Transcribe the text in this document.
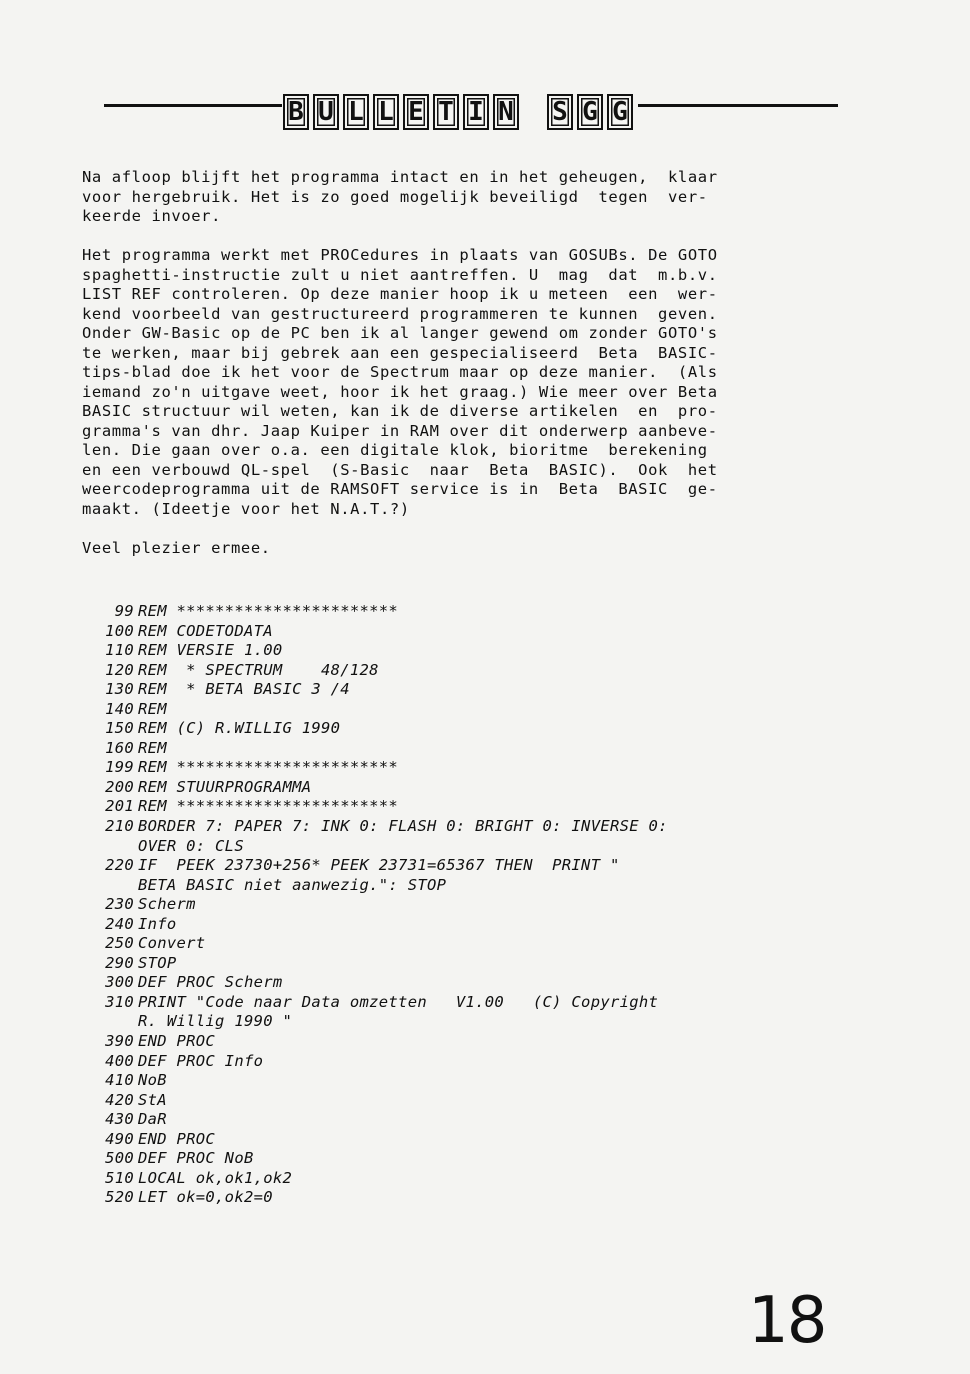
B U L L E T I N S G G

Na afloop blijft het programma intact en in het geheugen,  klaar
voor hergebruik. Het is zo goed mogelijk beveiligd  tegen  ver-
keerde invoer.

Het programma werkt met PROCedures in plaats van GOSUBs. De GOTO
spaghetti-instructie zult u niet aantreffen. U  mag  dat  m.b.v.
LIST REF controleren. Op deze manier hoop ik u meteen  een  wer-
kend voorbeeld van gestructureerd programmeren te kunnen  geven.
Onder GW-Basic op de PC ben ik al langer gewend om zonder GOTO's
te werken, maar bij gebrek aan een gespecialiseerd  Beta  BASIC-
tips-blad doe ik het voor de Spectrum maar op deze manier.  (Als
iemand zo'n uitgave weet, hoor ik het graag.) Wie meer over Beta
BASIC structuur wil weten, kan ik de diverse artikelen  en  pro-
gramma's van dhr. Jaap Kuiper in RAM over dit onderwerp aanbeve-
len. Die gaan over o.a. een digitale klok, bioritme  berekening
en een verbouwd QL-spel  (S-Basic  naar  Beta  BASIC).  Ook  het
weercodeprogramma uit de RAMSOFT service is in  Beta  BASIC  ge-
maakt. (Ideetje voor het N.A.T.?)

Veel plezier ermee.

99 REM ***********************
100 REM CODETODATA
110 REM VERSIE 1.00
120 REM  * SPECTRUM    48/128
130 REM  * BETA BASIC 3 /4
140 REM
150 REM (C) R.WILLIG 1990
160 REM
199 REM ***********************
200 REM STUURPROGRAMMA
201 REM ***********************
210 BORDER 7: PAPER 7: INK 0: FLASH 0: BRIGHT 0: INVERSE 0:
OVER 0: CLS
220 IF  PEEK 23730+256* PEEK 23731=65367 THEN  PRINT "
BETA BASIC niet aanwezig.": STOP
230 Scherm
240 Info
250 Convert
290 STOP
300 DEF PROC Scherm
310 PRINT "Code naar Data omzetten   V1.00   (C) Copyright
R. Willig 1990 "
390 END PROC
400 DEF PROC Info
410 NoB
420 StA
430 DaR
490 END PROC
500 DEF PROC NoB
510 LOCAL ok,ok1,ok2
520 LET ok=0,ok2=0
18
